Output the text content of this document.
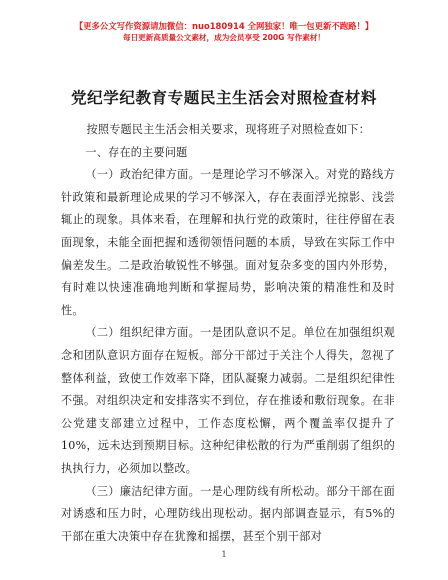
【更多公文写作资源请加微信：nuo180914 全网独家！唯一包更新不跑路！】
每日更新高质量公文素材，成为会员享受 200G 写作素材！
党纪学纪教育专题民主生活会对照检查材料

按照专题民主生活会相关要求，现将班子对照检查如下：

一、存在的主要问题

（一）政治纪律方面。一是理论学习不够深入。对党的路线方针政策和最新理论成果的学习不够深入，存在表面浮光掠影、浅尝辄止的现象。具体来看，在理解和执行党的政策时，往往停留在表面现象，未能全面把握和透彻领悟问题的本质，导致在实际工作中偏差发生。二是政治敏锐性不够强。面对复杂多变的国内外形势，有时难以快速准确地判断和掌握局势，影响决策的精准性和及时性。

（二）组织纪律方面。一是团队意识不足。单位在加强组织观念和团队意识方面存在短板。部分干部过于关注个人得失，忽视了整体利益，致使工作效率下降，团队凝聚力减弱。二是组织纪律性不强。对组织决定和安排落实不到位，存在推诿和敷衍现象。在非公党建支部建立过程中，工作态度松懈，两个覆盖率仅提升了10%，远未达到预期目标。这种纪律松散的行为严重削弱了组织的执执行力，必须加以整改。

（三）廉洁纪律方面。一是心理防线有所松动。部分干部在面对诱惑和压力时，心理防线出现松动。据内部调查显示，有5%的干部在重大决策中存在犹豫和摇摆，甚至个别干部对

1
